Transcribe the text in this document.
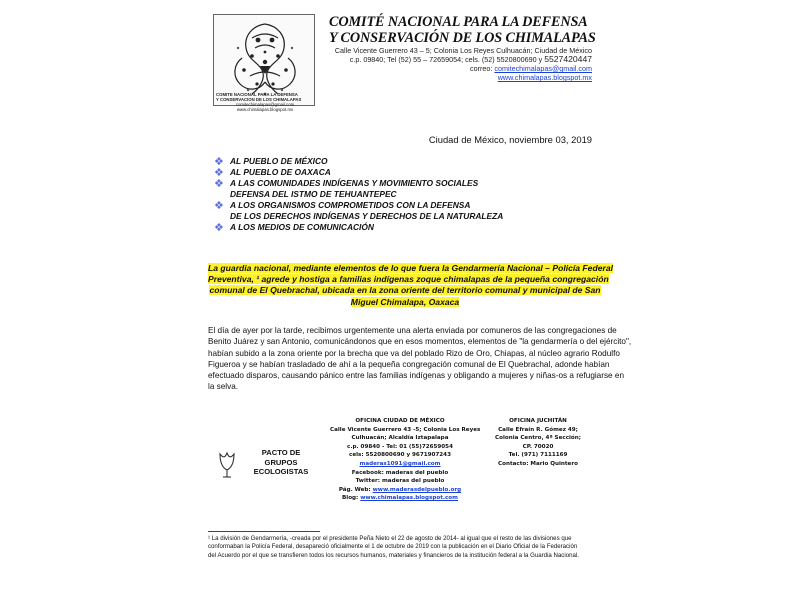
COMITE NACIONAL PARA LA DEFENSA
Y CONSERVACION DE LOS CHIMALAPAS
comitechimalapas@gmail.com
www.chimalapas.blogspot.mx
COMITÉ NACIONAL PARA LA DEFENSA
Y CONSERVACIÓN DE LOS CHIMALAPAS
Calle Vicente Guerrero 43 – 5; Colonia Los Reyes Culhuacán; Ciudad de México
c.p. 09840; Tel (52) 55 – 72659054; cels. (52) 5520800690 y 5527420447
correo: comitechimalapas@gmail.com
www.chimalapas.blogspot.mx
Ciudad de México, noviembre 03, 2019
❖ AL PUEBLO DE MÉXICO
❖ AL PUEBLO DE OAXACA
❖ A LAS COMUNIDADES INDÍGENAS Y MOVIMIENTO SOCIALES
DEFENSA DEL ISTMO DE TEHUANTEPEC
❖ A LOS ORGANISMOS COMPROMETIDOS CON LA DEFENSA
DE LOS DERECHOS INDÍGENAS Y DERECHOS DE LA NATURALEZA
❖ A LOS MEDIOS DE COMUNICACIÓN
La guardia nacional, mediante elementos de lo que fuera la Gendarmería Nacional – Policía Federal
Preventiva, ¹ agrede y hostiga a familias indígenas zoque chimalapas de la pequeña congregación
comunal de El Quebrachal, ubicada en la zona oriente del territorio comunal y municipal de San
Miguel Chimalapa, Oaxaca
El día de ayer por la tarde, recibimos urgentemente una alerta enviada por comuneros de las congregaciones de
Benito Juárez y san Antonio, comunicándonos que en esos momentos, elementos de "la gendarmería o del ejército",
habían subido a la zona oriente por la brecha que va del poblado Rizo de Oro, Chiapas, al núcleo agrario Rodulfo
Figueroa y se habían trasladado de ahí a la pequeña congregación comunal de El Quebrachal, adonde habían
efectuado disparos, causando pánico entre las familias indígenas y obligando a mujeres y niñas-os a refugiarse en
la selva.
PACTO DE
GRUPOS
ECOLOGISTAS
OFICINA CIUDAD DE MÉXICO
Calle Vicente Guerrero 43 -5; Colonia Los Reyes
Culhuacán; Alcaldía Iztapalapa
c.p. 09840 - Tel: 01 (55)72659054
cels: 5520800690 y 9671907243
maderas1091@gmail.com
Facebook: maderas del pueblo
Twitter: maderas del pueblo
Pág. Web: www.maderasdelpueblo.org
Blog: www.chimalapas.blogspot.com
OFICINA JUCHITÁN
Calle Efraín R. Gómez 49;
Colonia Centro, 4ª Sección;
CP. 70020
Tel. (971) 7111169
Contacto: Mario Quintero
¹ La división de Gendarmería, -creada por el presidente Peña Nieto el 22 de agosto de 2014- al igual que el resto de las divisiones que
conformaban la Policía Federal, desapareció oficialmente el 1 de octubre de 2019 con la publicación en el Diario Oficial de la Federación
del Acuerdo por el que se transfieren todos los recursos humanos, materiales y financieros de la institución federal a la Guardia Nacional.
